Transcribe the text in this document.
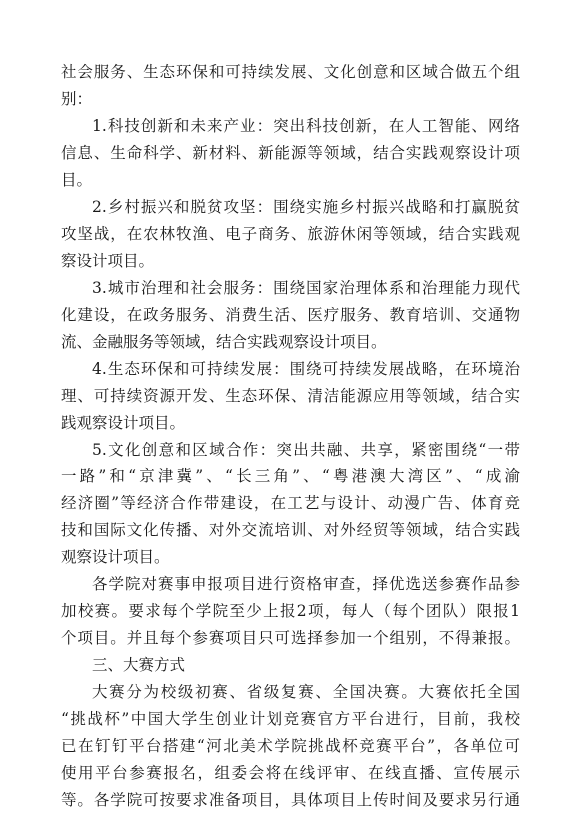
社会服务、生态环保和可持续发展、文化创意和区域合做五个组
别：
1.科技创新和未来产业：突出科技创新，在人工智能、网络
信息、生命科学、新材料、新能源等领域，结合实践观察设计项
目。
2.乡村振兴和脱贫攻坚：围绕实施乡村振兴战略和打赢脱贫
攻坚战，在农林牧渔、电子商务、旅游休闲等领域，结合实践观
察设计项目。
3.城市治理和社会服务：围绕国家治理体系和治理能力现代
化建设，在政务服务、消费生活、医疗服务、教育培训、交通物
流、金融服务等领域，结合实践观察设计项目。
4.生态环保和可持续发展：围绕可持续发展战略，在环境治
理、可持续资源开发、生态环保、清洁能源应用等领域，结合实
践观察设计项目。
5.文化创意和区域合作：突出共融、共享，紧密围绕“一带
一路”和“京津冀”、“长三角”、“粤港澳大湾区”、“成渝
经济圈”等经济合作带建设，在工艺与设计、动漫广告、体育竞
技和国际文化传播、对外交流培训、对外经贸等领域，结合实践
观察设计项目。
各学院对赛事申报项目进行资格审查，择优选送参赛作品参
加校赛。要求每个学院至少上报2项，每人（每个团队）限报1
个项目。并且每个参赛项目只可选择参加一个组别，不得兼报。
三、大赛方式
大赛分为校级初赛、省级复赛、全国决赛。大赛依托全国
“挑战杯”中国大学生创业计划竞赛官方平台进行，目前，我校
已在钉钉平台搭建“河北美术学院挑战杯竞赛平台”，各单位可
使用平台参赛报名，组委会将在线评审、在线直播、宣传展示
等。各学院可按要求准备项目，具体项目上传时间及要求另行通
